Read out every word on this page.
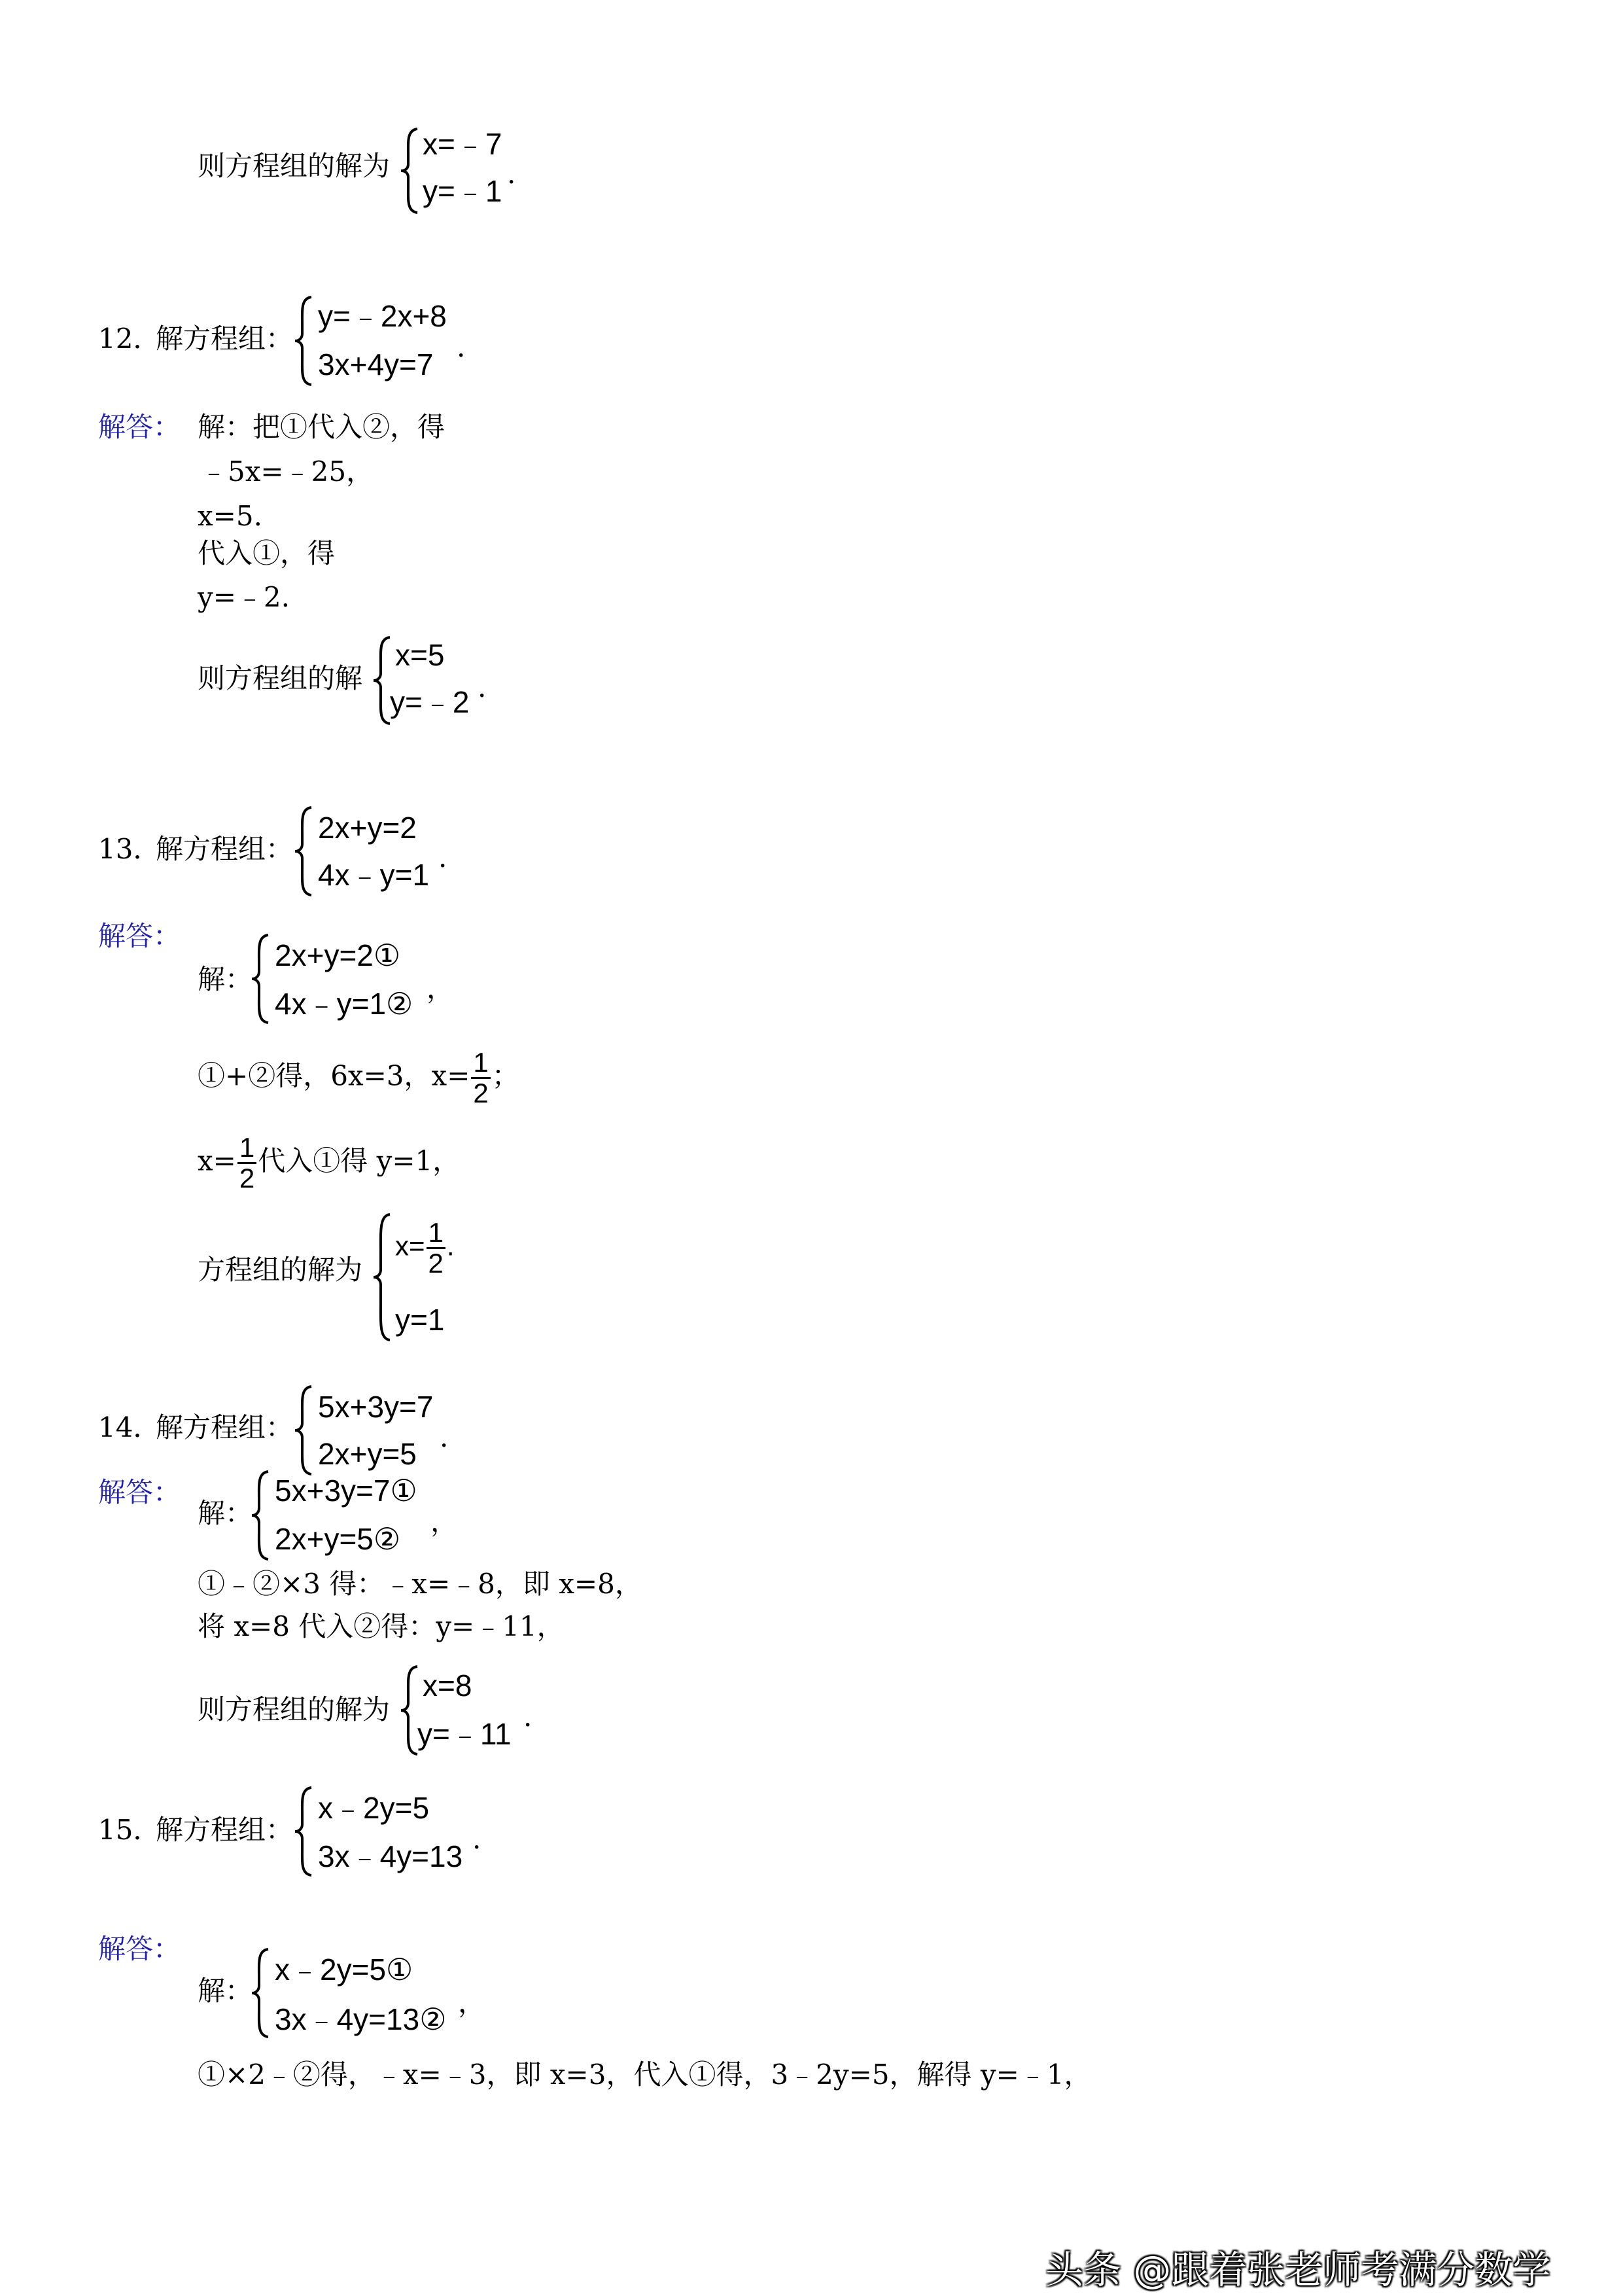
则方程组的解为
x=﹣7
y=﹣1
.
12．
解方程组：
y=﹣2x+8
3x+4y=7
.
解答： 解：把①代入②，得
﹣5x=﹣25，
x=5.
代入①，得
y=﹣2.
则方程组的解
x=5
y=﹣2 .
13．
解方程组：
2x+y=2
4x﹣y=1
.
解答：
解：
2x+y=2①
4x﹣y=1② ，
①+②得，6x=3，$x= \frac{1}{2}$ ；
$x= \frac{1}{2}$ 代入①得 y=1，
方程组的解为
$x= \frac{1}{2}$ .
y=1
14．
解方程组：
5x+3y=7
2x+y=5 .
解答：
解：
5x+3y=7①
2x+y=5②
，
①﹣②×3 得：﹣x=﹣8，即 x=8，
将 x=8 代入②得：y=﹣11，
则方程组的解为
x=8
y=﹣11
.
15．
解方程组：
x﹣2y=5
3x﹣4y=13
.
解答：
解：
x﹣2y=5①
3x﹣4y=13② ，
①×2﹣②得，﹣x=﹣3，即 x=3，代入①得，3﹣2y=5，解得 y=﹣1，
头条 @跟着张老师考满分数学
